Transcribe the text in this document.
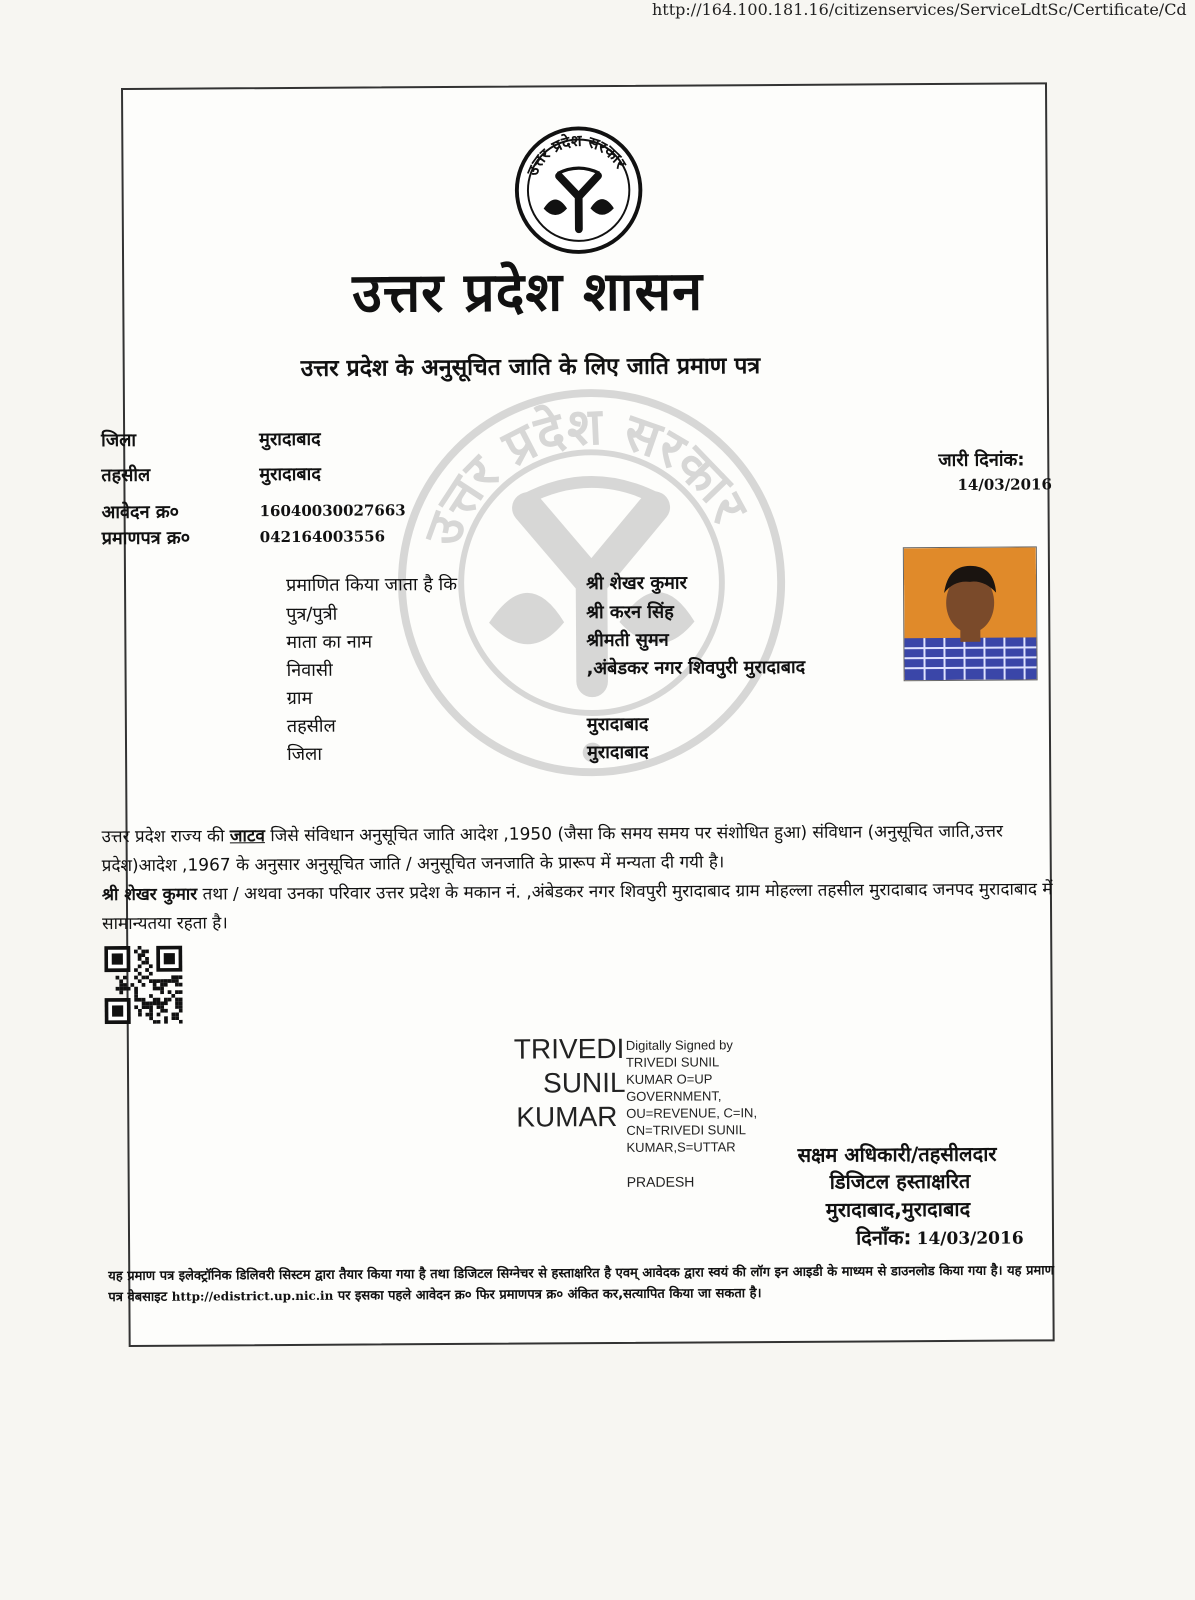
http://164.100.181.16/citizenservices/ServiceLdtSc/Certificate/Cd
उत्तर प्रदेश सरकार
उत्तर प्रदेश सरकार
उत्तर प्रदेश शासन
उत्तर प्रदेश के अनुसूचित जाति के लिए जाति प्रमाण पत्र
जिला	मुरादाबाद
तहसील	मुरादाबाद
आवेदन क्र०	16040030027663
प्रमाणपत्र क्र०	042164003556
जारी दिनांक:
14/03/2016
प्रमाणित किया जाता है कि	श्री शेखर कुमार
पुत्र/पुत्री	श्री करन सिंह
माता का नाम	श्रीमती सुमन
निवासी	,अंबेडकर नगर शिवपुरी मुरादाबाद
ग्राम
तहसील	मुरादाबाद
जिला	मुरादाबाद
उत्तर प्रदेश राज्य की जाटव जिसे संविधान अनुसूचित जाति आदेश ,1950 (जैसा कि समय समय पर संशोधित हुआ) संविधान (अनुसूचित जाति,उत्तर प्रदेश)आदेश ,1967 के अनुसार अनुसूचित जाति / अनुसूचित जनजाति के प्रारूप में मन्यता दी गयी है।
श्री शेखर कुमार तथा / अथवा उनका परिवार उत्तर प्रदेश के मकान नं. ,अंबेडकर नगर शिवपुरी मुरादाबाद ग्राम मोहल्ला तहसील मुरादाबाद जनपद मुरादाबाद में सामान्यतया रहता है।
TRIVEDI
SUNIL
KUMAR
Digitally Signed by
TRIVEDI SUNIL
KUMAR O=UP
GOVERNMENT,
OU=REVENUE, C=IN,
CN=TRIVEDI SUNIL
KUMAR,S=UTTAR
PRADESH
सक्षम अधिकारी/तहसीलदार
डिजिटल हस्ताक्षरित
मुरादाबाद,मुरादाबाद
दिनाँक: 14/03/2016
यह प्रमाण पत्र इलेक्ट्रॉनिक डिलिवरी सिस्टम द्वारा तैयार किया गया है तथा डिजिटल सिग्नेचर से हस्ताक्षरित है एवम् आवेदक द्वारा स्वयं की लॉग इन आइडी के माध्यम से डाउनलोड किया गया है। यह प्रमाण पत्र वेबसाइट http://edistrict.up.nic.in पर इसका पहले आवेदन क्र० फिर प्रमाणपत्र क्र० अंकित कर,सत्यापित किया जा सकता है।
